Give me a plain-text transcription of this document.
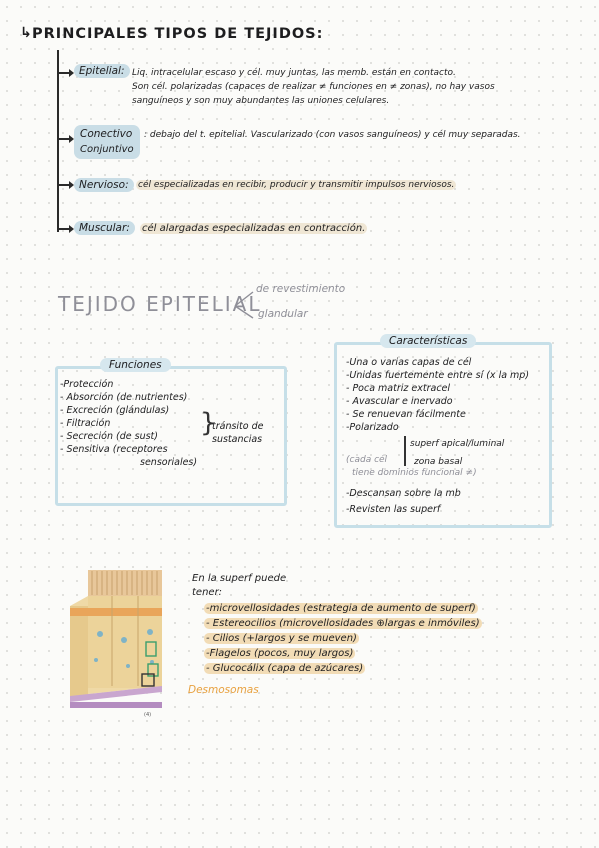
↳ PRINCIPALES TIPOS DE TEJIDOS:
Epitelial: Liq. intracelular escaso y cél. muy juntas, las memb. están en contacto.
Son cél. polarizadas (capaces de realizar ≠ funciones en ≠ zonas), no hay vasos
sanguíneos y son muy abundantes las uniones celulares.
Conectivo
Conjuntivo
: debajo del t. epitelial. Vascularizado (con vasos sanguíneos) y cél muy separadas.
Nervioso:	cél especializadas en recibir, producir y transmitir impulsos nerviosos.
Muscular:	cél alargadas especializadas en contracción.
TEJIDO EPITELIAL
de revestimiento
glandular
Funciones
-Protección
- Absorción (de nutrientes)
- Excreción (glándulas)
- Filtración
- Secreción (de sust)
- Sensitiva (receptores
sensoriales)
}
tránsito de
sustancias
Características
-Una o varias capas de cél
-Unidas fuertemente entre sí (x la mp)
- Poca matriz extracel
- Avascular e inervado
- Se renuevan fácilmente
-Polarizado
superf apical/luminal
zona basal
(cada cél
tiene dominios funcional ≠)
-Descansan sobre la mb
-Revisten las superf
(4)
En la superf puede
tener:
-microvellosidades (estrategia de aumento de superf)
- Estereocilios (microvellosidades ⊕largas e inmóviles)
- Cilios (+largos y se mueven)
-Flagelos (pocos, muy largos)
- Glucocálix (capa de azúcares)
Desmosomas
